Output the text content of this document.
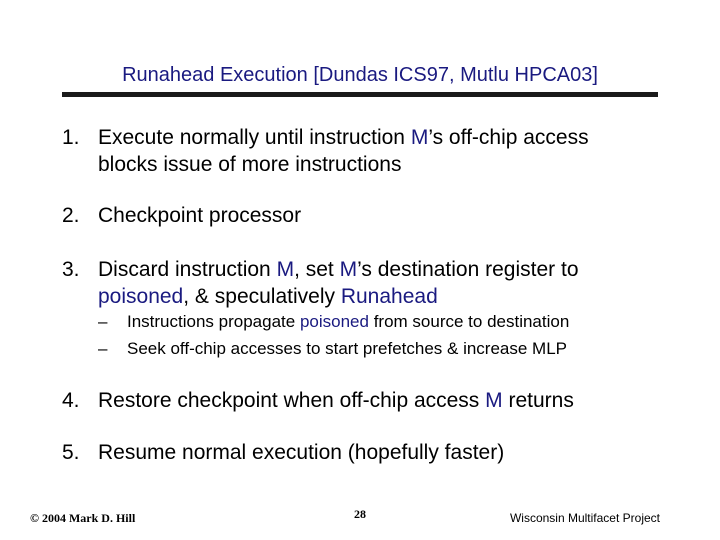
Runahead Execution [Dundas ICS97, Mutlu HPCA03]
1. Execute normally until instruction M’s off-chip access
blocks issue of more instructions
2. Checkpoint processor
3. Discard instruction M, set M’s destination register to
poisoned, & speculatively Runahead
– Instructions propagate poisoned from source to destination
– Seek off-chip accesses to start prefetches & increase MLP
4. Restore checkpoint when off-chip access M returns
5. Resume normal execution (hopefully faster)
© 2004 Mark D. Hill	28	Wisconsin Multifacet Project
